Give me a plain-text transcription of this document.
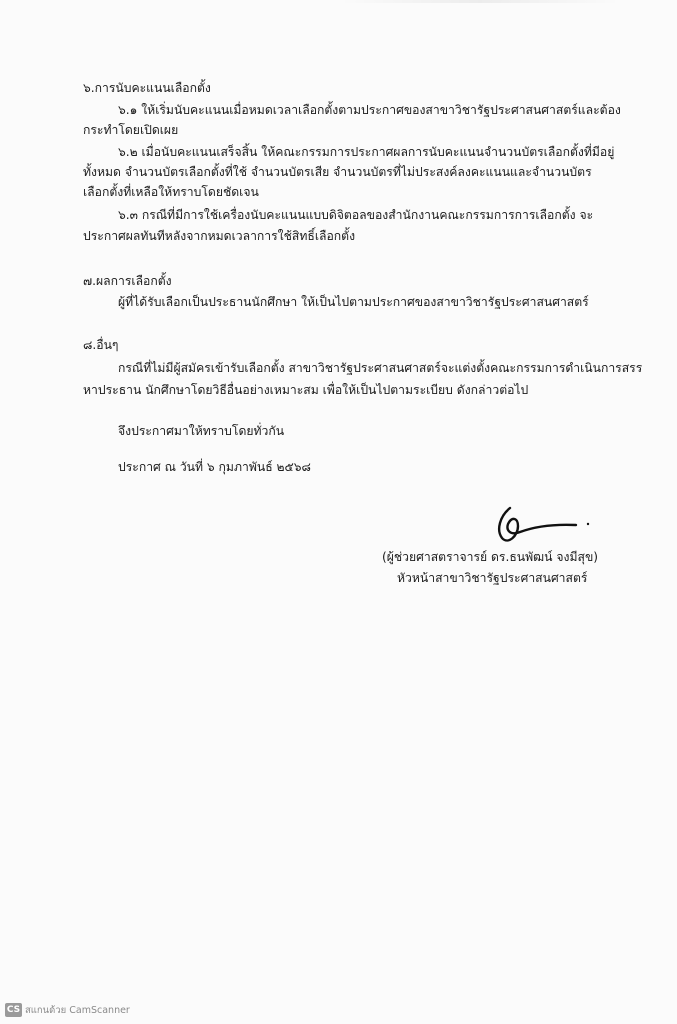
๖.การนับคะแนนเลือกตั้ง
๖.๑ ให้เริ่มนับคะแนนเมื่อหมดเวลาเลือกตั้งตามประกาศของสาขาวิชารัฐประศาสนศาสตร์และต้อง
กระทำโดยเปิดเผย
๖.๒ เมื่อนับคะแนนเสร็จสิ้น ให้คณะกรรมการประกาศผลการนับคะแนนจำนวนบัตรเลือกตั้งที่มีอยู่
ทั้งหมด จำนวนบัตรเลือกตั้งที่ใช้ จำนวนบัตรเสีย จำนวนบัตรที่ไม่ประสงค์ลงคะแนนและจำนวนบัตร
เลือกตั้งที่เหลือให้ทราบโดยชัดเจน
๖.๓ กรณีที่มีการใช้เครื่องนับคะแนนแบบดิจิตอลของสำนักงานคณะกรรมการการเลือกตั้ง จะ
ประกาศผลทันทีหลังจากหมดเวลาการใช้สิทธิ์เลือกตั้ง
๗.ผลการเลือกตั้ง
ผู้ที่ได้รับเลือกเป็นประธานนักศึกษา ให้เป็นไปตามประกาศของสาขาวิชารัฐประศาสนศาสตร์
๘.อื่นๆ
กรณีที่ไม่มีผู้สมัครเข้ารับเลือกตั้ง สาขาวิชารัฐประศาสนศาสตร์จะแต่งตั้งคณะกรรมการดำเนินการสรร
หาประธาน นักศึกษาโดยวิธีอื่นอย่างเหมาะสม เพื่อให้เป็นไปตามระเบียบ ดังกล่าวต่อไป
จึงประกาศมาให้ทราบโดยทั่วกัน
ประกาศ ณ วันที่ ๖ กุมภาพันธ์ ๒๕๖๘
(ผู้ช่วยศาสตราจารย์ ดร.ธนพัฒน์ จงมีสุข)
หัวหน้าสาขาวิชารัฐประศาสนศาสตร์
CS สแกนด้วย CamScanner
